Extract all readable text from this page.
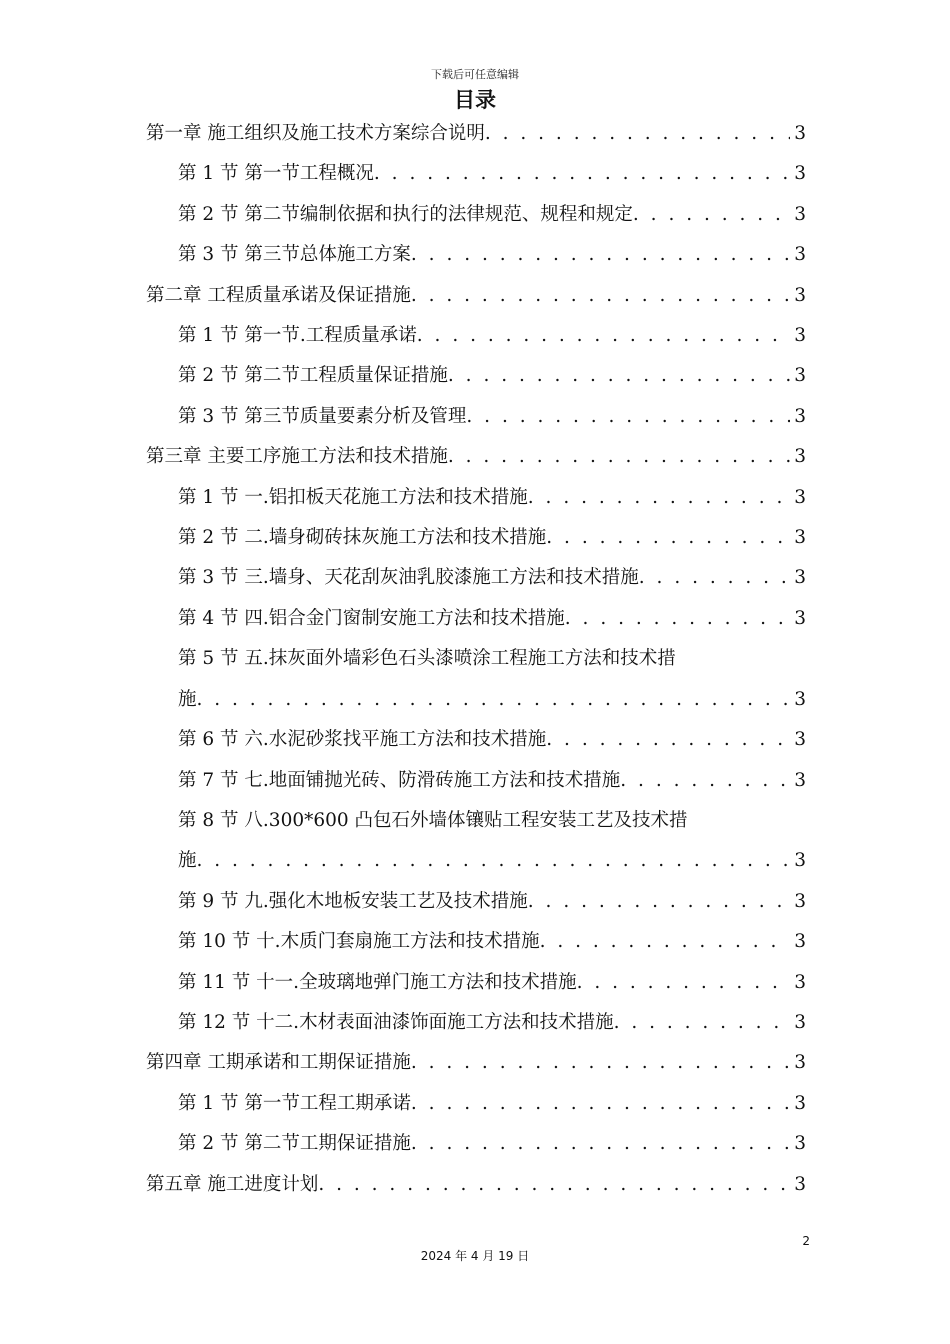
下载后可任意编辑
目录
第一章 施工组织及施工技术方案综合说明 . . .	3
第 1 节 第一节工程概况 . . .	3
第 2 节 第二节编制依据和执行的法律规范、规程和规定 . . .	3
第 3 节 第三节总体施工方案 . . .	3
第二章 工程质量承诺及保证措施 . . .	3
第 1 节 第一节.工程质量承诺 . . .	3
第 2 节 第二节工程质量保证措施 . . .	3
第 3 节 第三节质量要素分析及管理 . . .	3
第三章 主要工序施工方法和技术措施 . . .	3
第 1 节 一.铝扣板天花施工方法和技术措施 . . .	3
第 2 节 二.墙身砌砖抹灰施工方法和技术措施 . . .	3
第 3 节 三.墙身、天花刮灰油乳胶漆施工方法和技术措施 . . .	3
第 4 节 四.铝合金门窗制安施工方法和技术措施 . . .	3
第 5 节 五.抹灰面外墙彩色石头漆喷涂工程施工方法和技术措
施 . . .	3
第 6 节 六.水泥砂浆找平施工方法和技术措施 . . .	3
第 7 节 七.地面铺抛光砖、防滑砖施工方法和技术措施 . . .	3
第 8 节 八.300*600 凸包石外墙体镶贴工程安装工艺及技术措
施 . . .	3
第 9 节 九.强化木地板安装工艺及技术措施 . . .	3
第 10 节 十.木质门套扇施工方法和技术措施 . . .	3
第 11 节 十一.全玻璃地弹门施工方法和技术措施 . . .	3
第 12 节 十二.木材表面油漆饰面施工方法和技术措施 . . .	3
第四章 工期承诺和工期保证措施 . . .	3
第 1 节 第一节工程工期承诺 . . .	3
第 2 节 第二节工期保证措施 . . .	3
第五章 施工进度计划 . . .	3
2
2024 年 4 月 19 日
